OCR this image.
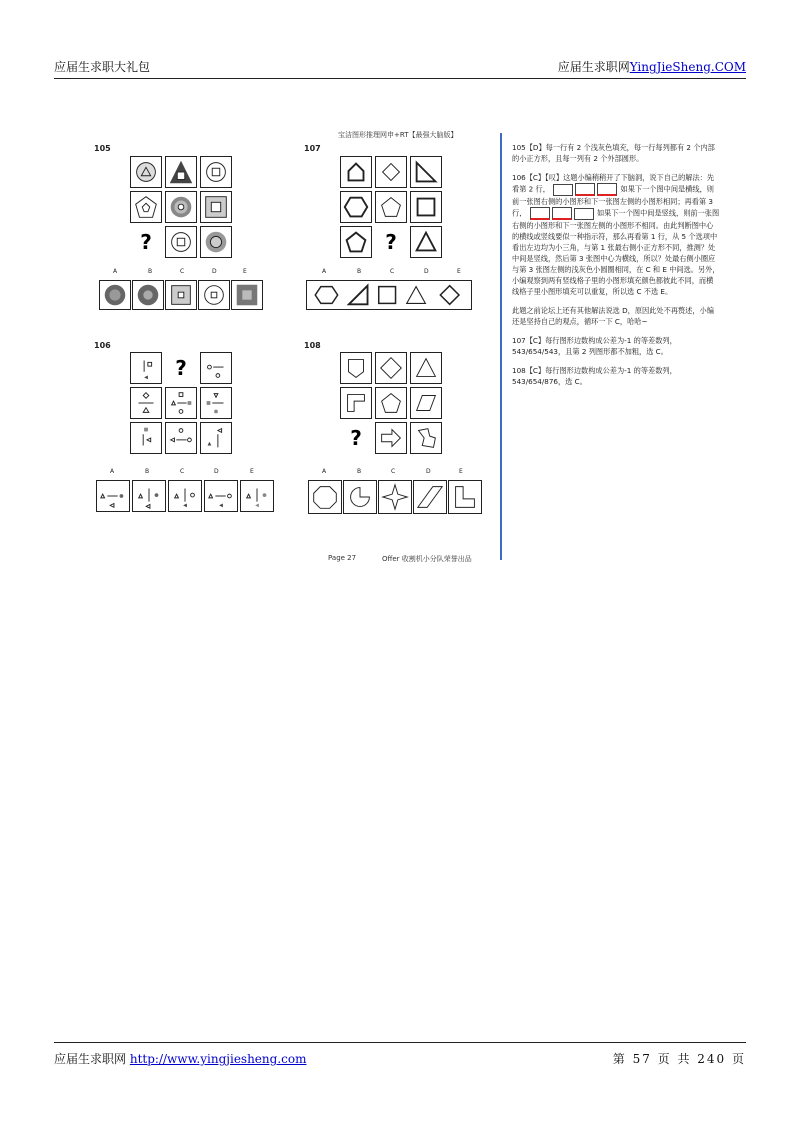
应届生求职大礼包	应届生求职网YingJieSheng.COM
宝洁图形推理网申+RT【最强大脑版】
105
?
A	B	C	D	E
107
?
A	B	C	D	E
106
?
A	B	C	D	E
108
?
A	B	C	D	E
Page 27	Offer 收割机小分队荣誉出品

105【D】每一行有 2 个浅灰色填充，每一行每列都有 2 个内部的小正方形，且每一列有 2 个外部圆形。

106【C】【叹】这题小编稍稍开了下脑洞，说下自己的解法：先看第 2 行，	如果下一个图中间是横线，则前一张图右侧的小图形和下一张图左侧的小图形相同；再看第 3 行，	如果下一个图中间是竖线，则前一张图右侧的小图形和下一张图左侧的小图形不相同。由此判断图中心的横线或竖线要似一种指示符，那么再看第 1 行，从 5 个选项中看出左边均为小三角，与第 1 张最右侧小正方形不同，推测？处中间是竖线，然后第 3 张图中心为横线，所以？处最右侧小圈应与第 3 张图左侧的浅灰色小圆圈相同，在 C 和 E 中间选。另外，小编观察到两有竖线格子里的小图形填充颜色都彼此不同，而横线格子里小图形填充可以重复，所以选 C 不选 E。

此题之前论坛上还有其他解法说选 D，原因此处不再赘述，小编还是坚持自己的观点，循环一下 C，哈哈~

107【C】每行图形边数构成公差为-1 的等差数列，543/654/543，且第 2 列图形都不加粗，选 C。

108【C】每行图形边数构成公差为-1 的等差数列，543/654/876，选 C。

应届生求职网 http://www.yingjiesheng.com	第 57 页 共 240 页
